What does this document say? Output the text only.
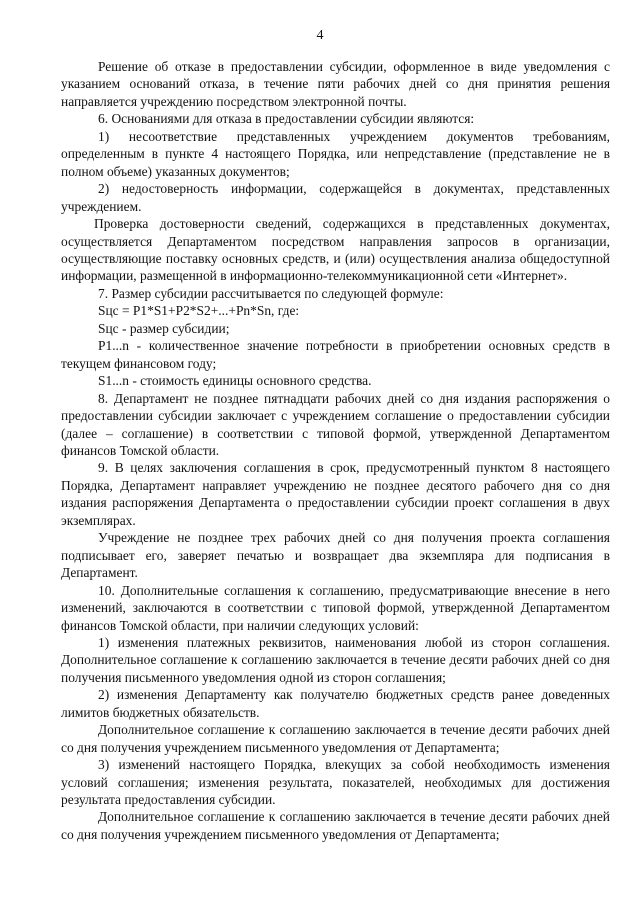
4

Решение об отказе в предоставлении субсидии, оформленное в виде уведомления с указанием оснований отказа, в течение пяти рабочих дней со дня принятия решения направляется учреждению посредством электронной почты.

6. Основаниями для отказа в предоставлении субсидии являются:

1) несоответствие представленных учреждением документов требованиям, определенным в пункте 4 настоящего Порядка, или непредставление (представление не в полном объеме) указанных документов;

2) недостоверность информации, содержащейся в документах, представленных учреждением.

Проверка достоверности сведений, содержащихся в представленных документах, осуществляется Департаментом посредством направления запросов в организации, осуществляющие поставку основных средств, и (или) осуществления анализа общедоступной информации, размещенной в информационно-телекоммуникационной сети «Интернет».

7. Размер субсидии рассчитывается по следующей формуле:

Sцс = P1*S1+P2*S2+...+Pn*Sn, где:

Sцс - размер субсидии;

P1...n - количественное значение потребности в приобретении основных средств в текущем финансовом году;

S1...n - стоимость единицы основного средства.

8. Департамент не позднее пятнадцати рабочих дней со дня издания распоряжения о предоставлении субсидии заключает с учреждением соглашение о предоставлении субсидии (далее – соглашение) в соответствии с типовой формой, утвержденной Департаментом финансов Томской области.

9. В целях заключения соглашения в срок, предусмотренный пунктом 8 настоящего Порядка, Департамент направляет учреждению не позднее десятого рабочего дня со дня издания распоряжения Департамента о предоставлении субсидии проект соглашения в двух экземплярах.

Учреждение не позднее трех рабочих дней со дня получения проекта соглашения подписывает его, заверяет печатью и возвращает два экземпляра для подписания в Департамент.

10. Дополнительные соглашения к соглашению, предусматривающие внесение в него изменений, заключаются в соответствии с типовой формой, утвержденной Департаментом финансов Томской области, при наличии следующих условий:

1) изменения платежных реквизитов, наименования любой из сторон соглашения. Дополнительное соглашение к соглашению заключается в течение десяти рабочих дней со дня получения письменного уведомления одной из сторон соглашения;

2) изменения Департаменту как получателю бюджетных средств ранее доведенных лимитов бюджетных обязательств.

Дополнительное соглашение к соглашению заключается в течение десяти рабочих дней со дня получения учреждением письменного уведомления от Департамента;

3) изменений настоящего Порядка, влекущих за собой необходимость изменения условий соглашения; изменения результата, показателей, необходимых для достижения результата предоставления субсидии.

Дополнительное соглашение к соглашению заключается в течение десяти рабочих дней со дня получения учреждением письменного уведомления от Департамента;
